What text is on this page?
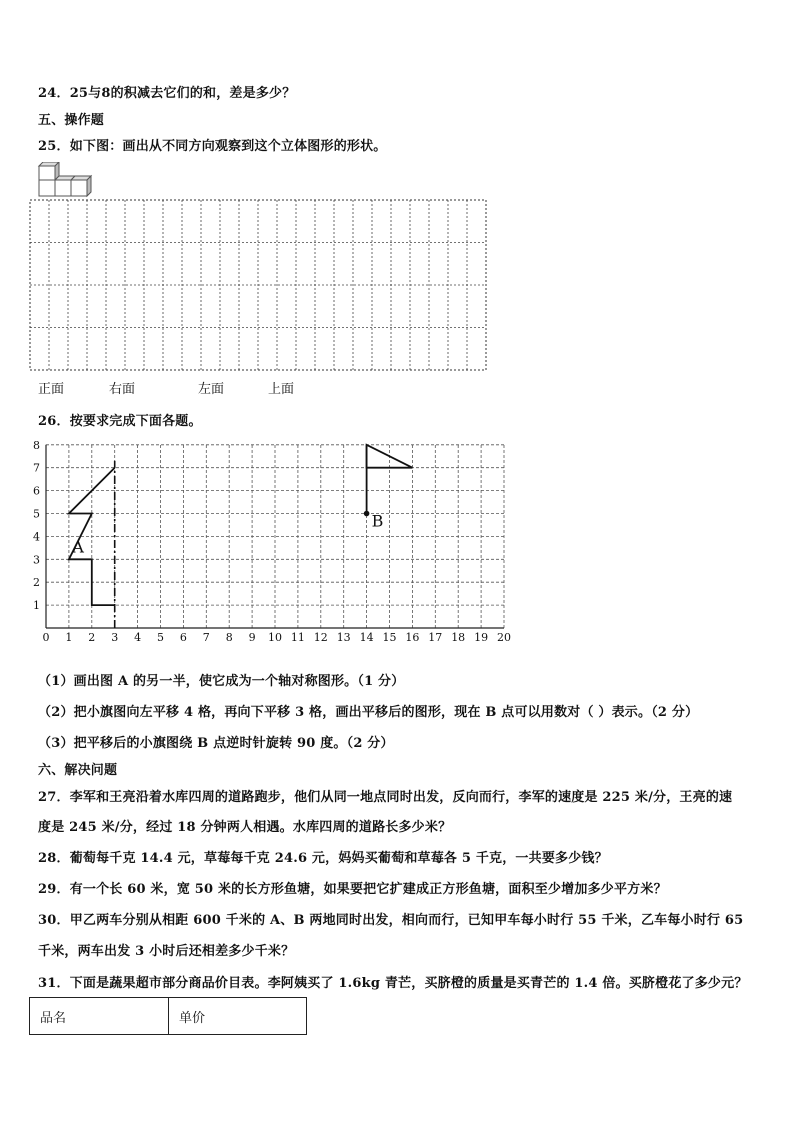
24．25与8的积减去它们的和，差是多少？
五、操作题
25．如下图：画出从不同方向观察到这个立体图形的形状。
正面	右面	左面	上面
26．按要求完成下面各题。
0 1 2 3 4 5 6 7 8 9 10 11 12 13 14 15 16 17 18 19 20
1
2
3
4
5
6
7
8
A
B
（1）画出图 A 的另一半，使它成为一个轴对称图形。（1 分）
（2）把小旗图向左平移 4 格，再向下平移 3 格，画出平移后的图形，现在 B 点可以用数对（ ）表示。（2 分）
（3）把平移后的小旗图绕 B 点逆时针旋转 90 度。（2 分）
六、解决问题
27．李军和王亮沿着水库四周的道路跑步，他们从同一地点同时出发，反向而行，李军的速度是 225 米/分，王亮的速
度是 245 米/分，经过 18 分钟两人相遇。水库四周的道路长多少米？
28．葡萄每千克 14.4 元，草莓每千克 24.6 元，妈妈买葡萄和草莓各 5 千克，一共要多少钱？
29．有一个长 60 米，宽 50 米的长方形鱼塘，如果要把它扩建成正方形鱼塘，面积至少增加多少平方米？
30．甲乙两车分别从相距 600 千米的 A、B 两地同时出发，相向而行，已知甲车每小时行 55 千米，乙车每小时行 65
千米，两车出发 3 小时后还相差多少千米？
31．下面是蔬果超市部分商品价目表。李阿姨买了 1.6kg 青芒，买脐橙的质量是买青芒的 1.4 倍。买脐橙花了多少元？
品名	单价
